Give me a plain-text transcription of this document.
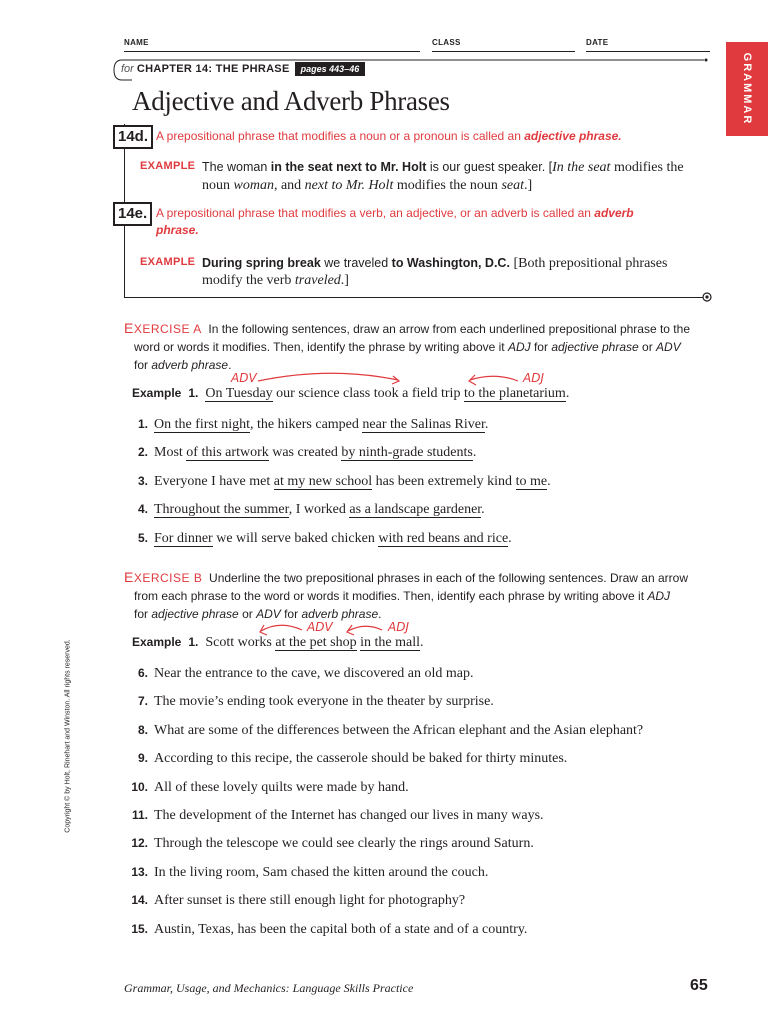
NAME	CLASS	DATE
GRAMMAR
for CHAPTER 14: THE PHRASE pages 443–46
Adjective and Adverb Phrases
14d. A prepositional phrase that modifies a noun or a pronoun is called an adjective phrase.
EXAMPLE The woman in the seat next to Mr. Holt is our guest speaker. [In the seat modifies the
noun woman, and next to Mr. Holt modifies the noun seat.]
14e. A prepositional phrase that modifies a verb, an adjective, or an adverb is called an adverb
phrase.
EXAMPLE During spring break we traveled to Washington, D.C. [Both prepositional phrases
modify the verb traveled.]
EXERCISE A In the following sentences, draw an arrow from each underlined prepositional phrase to the
word or words it modifies. Then, identify the phrase by writing above it ADJ for adjective phrase or ADV
for adverb phrase.
ADV	ADJ
Example 1. On Tuesday our science class took a field trip to the planetarium.
1. On the first night, the hikers camped near the Salinas River.
2. Most of this artwork was created by ninth-grade students.
3. Everyone I have met at my new school has been extremely kind to me.
4. Throughout the summer, I worked as a landscape gardener.
5. For dinner we will serve baked chicken with red beans and rice.
EXERCISE B Underline the two prepositional phrases in each of the following sentences. Draw an arrow
from each phrase to the word or words it modifies. Then, identify each phrase by writing above it ADJ
for adjective phrase or ADV for adverb phrase.
ADV	ADJ
Example 1. Scott works at the pet shop in the mall.
6. Near the entrance to the cave, we discovered an old map.
7. The movie’s ending took everyone in the theater by surprise.
8. What are some of the differences between the African elephant and the Asian elephant?
9. According to this recipe, the casserole should be baked for thirty minutes.
10. All of these lovely quilts were made by hand.
11. The development of the Internet has changed our lives in many ways.
12. Through the telescope we could see clearly the rings around Saturn.
13. In the living room, Sam chased the kitten around the couch.
14. After sunset is there still enough light for photography?
15. Austin, Texas, has been the capital both of a state and of a country.
Copyright © by Holt, Rinehart and Winston. All rights reserved.
Grammar, Usage, and Mechanics: Language Skills Practice	65
